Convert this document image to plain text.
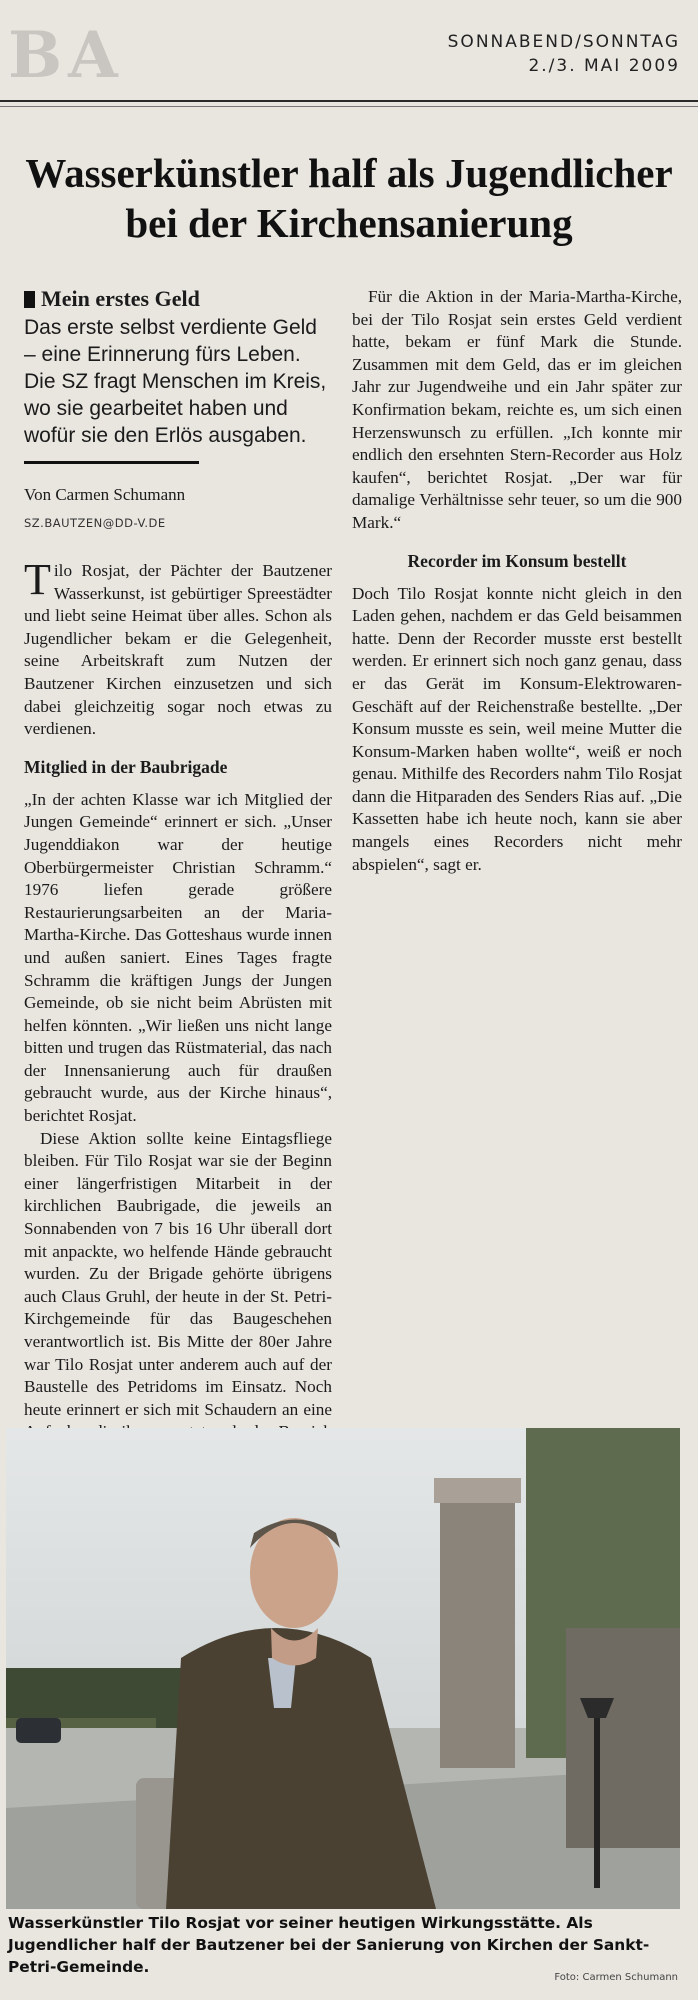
BA	SONNABEND/SONNTAG
2./3. MAI 2009
Wasserkünstler half als Jugendlicher
bei der Kirchensanierung
Mein erstes Geld
Das erste selbst verdiente Geld – eine Erinnerung fürs Leben. Die SZ fragt Menschen im Kreis, wo sie gearbeitet haben und wofür sie den Erlös ausgaben.
Von Carmen Schumann
SZ.BAUTZEN@DD-V.DE

Tilo Rosjat, der Pächter der Bautzener Wasserkunst, ist gebürtiger Spreestädter und liebt seine Heimat über alles. Schon als Jugendlicher bekam er die Gelegenheit, seine Arbeitskraft zum Nutzen der Bautzener Kirchen einzusetzen und sich dabei gleichzeitig sogar noch etwas zu verdienen.

Mitglied in der Baubrigade

„In der achten Klasse war ich Mitglied der Jungen Gemeinde“ erinnert er sich. „Unser Jugenddiakon war der heutige Oberbürgermeister Christian Schramm.“ 1976 liefen gerade größere Restaurierungsarbeiten an der Maria-Martha-Kirche. Das Gotteshaus wurde innen und außen saniert. Eines Tages fragte Schramm die kräftigen Jungs der Jungen Gemeinde, ob sie nicht beim Abrüsten mit helfen könnten. „Wir ließen uns nicht lange bitten und trugen das Rüstmaterial, das nach der Innensanierung auch für draußen gebraucht wurde, aus der Kirche hinaus“, berichtet Rosjat.

Diese Aktion sollte keine Eintagsfliege bleiben. Für Tilo Rosjat war sie der Beginn einer längerfristigen Mitarbeit in der kirchlichen Baubrigade, die jeweils an Sonnabenden von 7 bis 16 Uhr überall dort mit anpackte, wo helfende Hände gebraucht wurden. Zu der Brigade gehörte übrigens auch Claus Gruhl, der heute in der St. Petri-Kirchgemeinde für das Baugeschehen verantwortlich ist. Bis Mitte der 80er Jahre war Tilo Rosjat unter anderem auch auf der Baustelle des Petridoms im Einsatz. Noch heute erinnert er sich mit Schaudern an eine

Für die Aktion in der Maria-Martha-Kirche, bei der Tilo Rosjat sein erstes Geld verdient hatte, bekam er fünf Mark die Stunde. Zusammen mit dem Geld, das er im gleichen Jahr zur Jugendweihe und ein Jahr später zur Konfirmation bekam, reichte es, um sich einen Herzenswunsch zu erfüllen. „Ich konnte mir endlich den ersehnten Stern-Recorder aus Holz kaufen“, berichtet Rosjat. „Der war für damalige Verhältnisse sehr teuer, so um die 900 Mark.“

Recorder im Konsum bestellt

Doch Tilo Rosjat konnte nicht gleich in den Laden gehen, nachdem er das Geld beisammen hatte. Denn der Recorder musste erst bestellt werden. Er erinnert sich noch ganz genau, dass er das Gerät im Konsum-Elektrowaren-Geschäft auf der Reichenstraße bestellte. „Der Konsum musste es sein, weil meine Mutter die Konsum-Marken haben wollte“, weiß er noch genau. Mithilfe des Recorders nahm Tilo Rosjat dann die Hitparaden des Senders Rias auf. „Die Kassetten habe ich heute noch, kann sie aber mangels eines Recorders nicht mehr abspielen“, sagt er.

Wasserkünstler Tilo Rosjat vor seiner heutigen Wirkungsstätte. Als Jugendlicher half der Bautzener bei der Sanierung von Kirchen der Sankt-Petri-Gemeinde.
Foto: Carmen Schumann
